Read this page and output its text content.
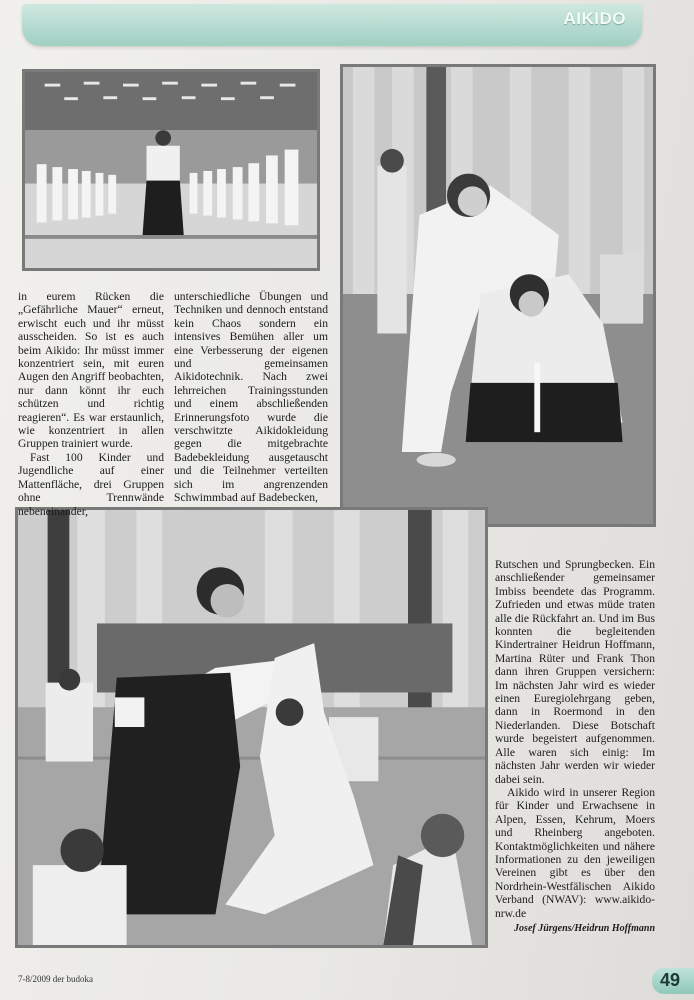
AIKIDO

in eurem Rücken die „Gefährliche Mauer“ erneut, erwischt euch und ihr müsst ausscheiden. So ist es auch beim Aikido: Ihr müsst immer konzentriert sein, mit euren Augen den Angriff beobachten, nur dann könnt ihr euch schützen und richtig reagieren“. Es war erstaunlich, wie konzentriert in allen Gruppen trainiert wurde.

Fast 100 Kinder und Jugendliche auf einer Mattenfläche, drei Gruppen ohne Trennwände nebeneinander,

unterschiedliche Übungen und Techniken und dennoch entstand kein Chaos sondern ein intensives Bemühen aller um eine Verbesserung der eigenen und gemeinsamen Aikidotechnik. Nach zwei lehrreichen Trainingsstunden und einem abschließenden Erinnerungsfoto wurde die verschwitzte Aikidokleidung gegen die mitgebrachte Badebekleidung ausgetauscht und die Teilnehmer verteilten sich im angrenzenden Schwimmbad auf Badebecken,

Rutschen und Sprungbecken. Ein anschließender gemeinsamer Imbiss beendete das Programm. Zufrieden und etwas müde traten alle die Rückfahrt an. Und im Bus konnten die begleitenden Kindertrainer Heidrun Hoffmann, Martina Rüter und Frank Thon dann ihren Gruppen versichern: Im nächsten Jahr wird es wieder einen Euregiolehrgang geben, dann in Roermond in den Niederlanden. Diese Botschaft wurde begeistert aufgenommen. Alle waren sich einig: Im nächsten Jahr werden wir wieder dabei sein.

Aikido wird in unserer Region für Kinder und Erwachsene in Alpen, Essen, Kehrum, Moers und Rheinberg angeboten. Kontaktmöglichkeiten und nähere Informationen zu den jeweiligen Vereinen gibt es über den Nordrhein-Westfälischen Aikido Verband (NWAV): www.aikido-nrw.de

Josef Jürgens/Heidrun Hoffmann
7-8/2009 der budoka	49
